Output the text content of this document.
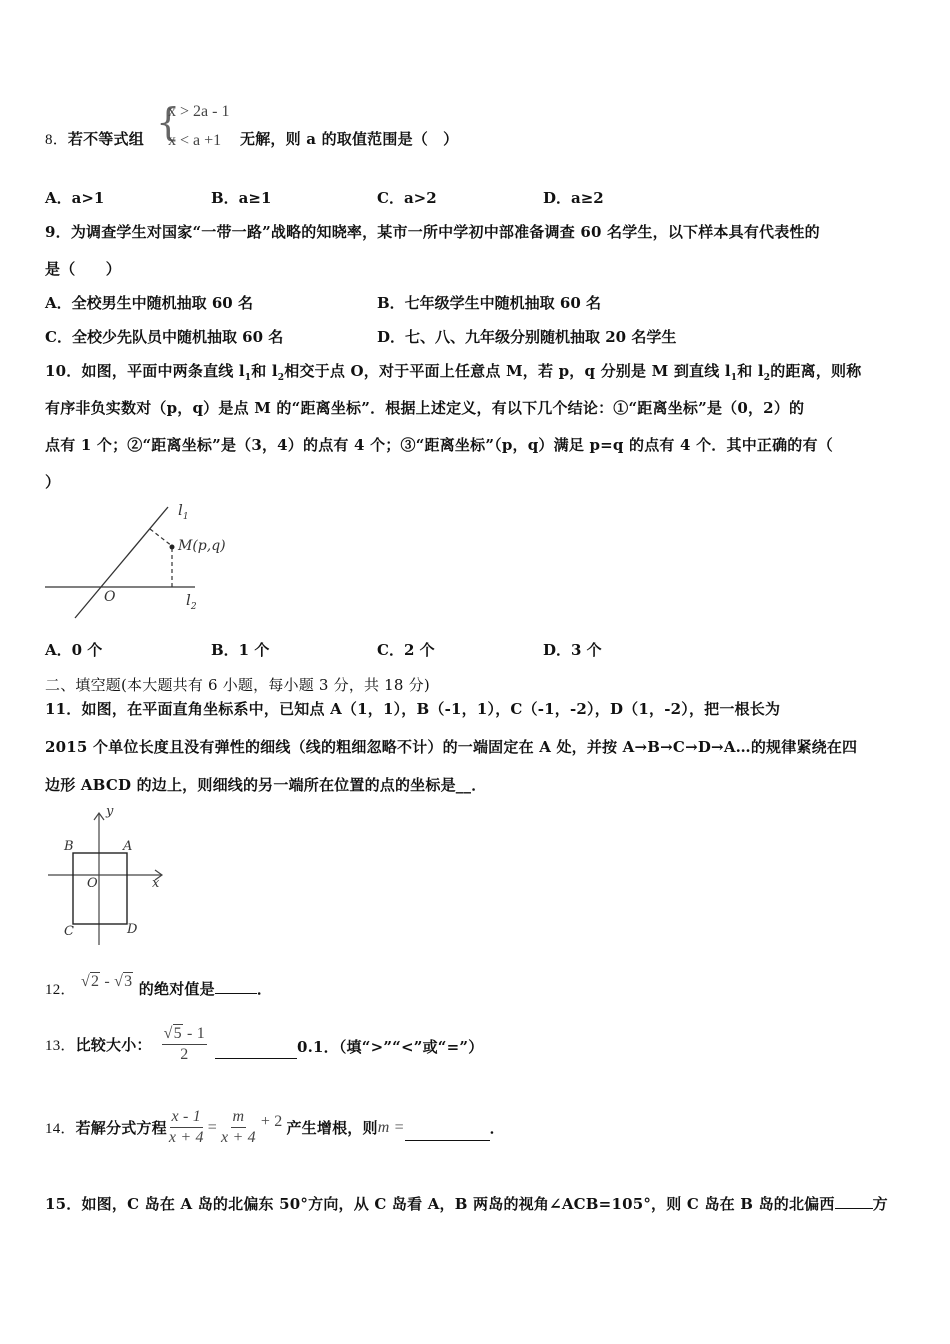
8．若不等式组 {
x > 2a - 1
x < a +1 无解，则 a 的取值范围是（　）
A．a>1	B．a≥1	C．a>2	D．a≥2
9．为调查学生对国家“一带一路”战略的知晓率，某市一所中学初中部准备调查 60 名学生，以下样本具有代表性的
是（　　）
A．全校男生中随机抽取 60 名	B．七年级学生中随机抽取 60 名
C．全校少先队员中随机抽取 60 名	D．七、八、九年级分别随机抽取 20 名学生
10．如图，平面中两条直线 $l_1$和 $l_2$相交于点 O，对于平面上任意点 M，若 p，q 分别是 M 到直线 $l_1$和 $l_2$的距离，则称
有序非负实数对（p，q）是点 M 的“距离坐标”．根据上述定义，有以下几个结论：①“距离坐标”是（0，2）的
点有 1 个；②“距离坐标”是（3，4）的点有 4 个；③“距离坐标”（p，q）满足 p=q 的点有 4 个．其中正确的有（
）
$l_1$
M(p,q)
O	$l_2$
A．0 个	B．1 个	C．2 个	D．3 个
二、填空题(本大题共有 6 小题，每小题 3 分，共 18 分)
11．如图，在平面直角坐标系中，已知点 A（1，1），B（-1，1），C（-1，-2），D（1，-2），把一根长为
2015 个单位长度且没有弹性的细线（线的粗细忽略不计）的一端固定在 A 处，并按 A→B→C→D→A…的规律紧绕在四
边形 ABCD 的边上，则细线的另一端所在位置的点的坐标是__．
y
x
O
B	A
C	D
12． √2 - √3 的绝对值是	．
13． 比较大小： $\frac{√5 - 1}{2}$	0.1．（填“>”“<”或“=”）
14． 若解分式方程 $\frac{x - 1}{x + 4} = \frac{m}{x + 4} + 2$ 产生增根，则 m =	．
15．如图，C 岛在 A 岛的北偏东 50°方向，从 C 岛看 A，B 两岛的视角∠ACB=105°，则 C 岛在 B 岛的北偏西	方
